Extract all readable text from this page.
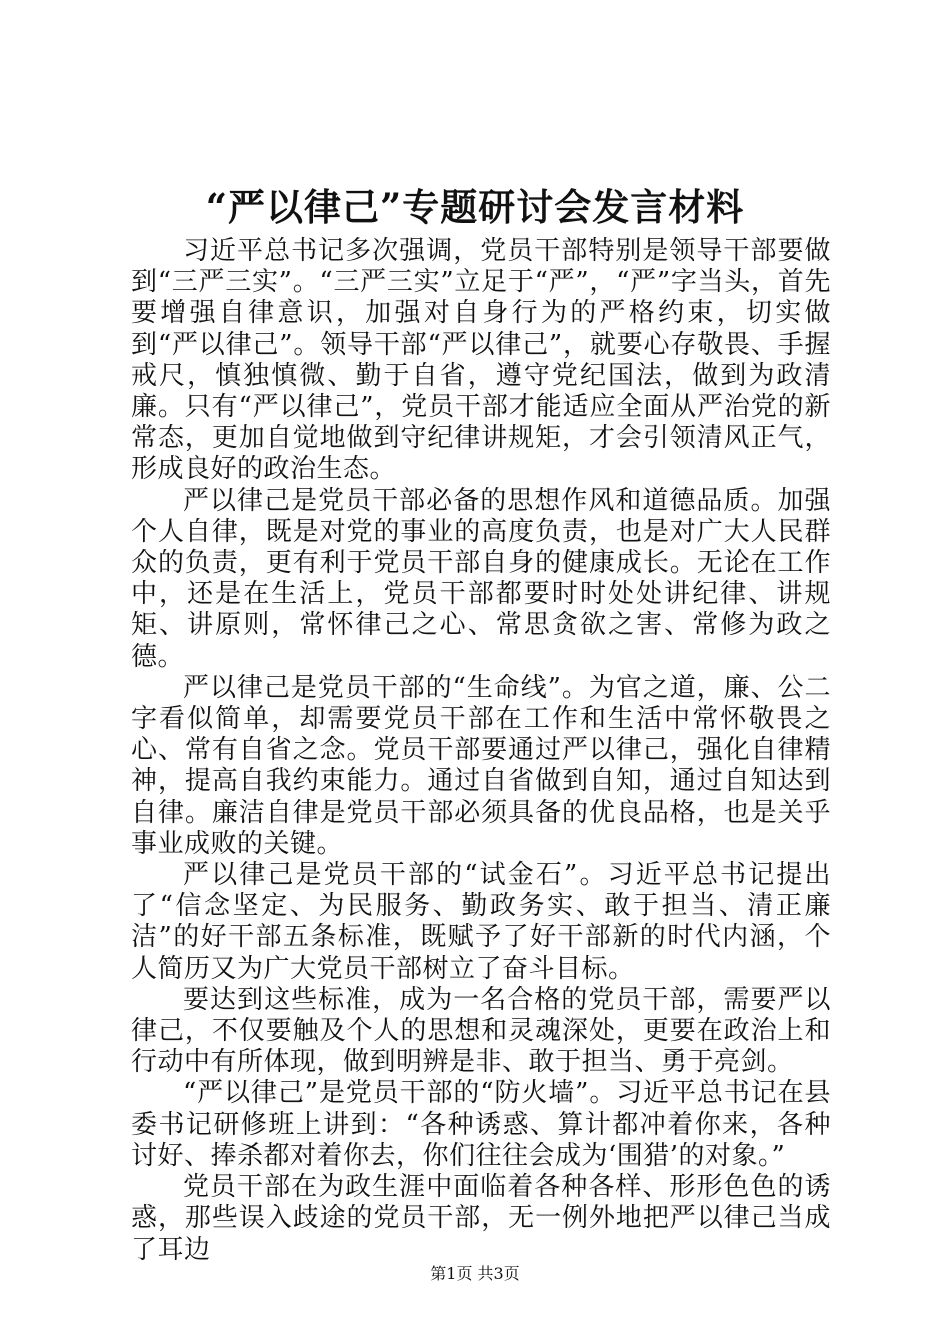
“严以律己”专题研讨会发言材料

习近平总书记多次强调，党员干部特别是领导干部要做到“三严三实”。“三严三实”立足于“严”，“严”字当头，首先要增强自律意识，加强对自身行为的严格约束，切实做到“严以律己”。领导干部“严以律己”，就要心存敬畏、手握戒尺，慎独慎微、勤于自省，遵守党纪国法，做到为政清廉。只有“严以律己”，党员干部才能适应全面从严治党的新常态，更加自觉地做到守纪律讲规矩，才会引领清风正气，形成良好的政治生态。

严以律己是党员干部必备的思想作风和道德品质。加强个人自律，既是对党的事业的高度负责，也是对广大人民群众的负责，更有利于党员干部自身的健康成长。无论在工作中，还是在生活上，党员干部都要时时处处讲纪律、讲规矩、讲原则，常怀律己之心、常思贪欲之害、常修为政之德。

严以律己是党员干部的“生命线”。为官之道，廉、公二字看似简单，却需要党员干部在工作和生活中常怀敬畏之心、常有自省之念。党员干部要通过严以律己，强化自律精神，提高自我约束能力。通过自省做到自知，通过自知达到自律。廉洁自律是党员干部必须具备的优良品格，也是关乎事业成败的关键。

严以律己是党员干部的“试金石”。习近平总书记提出了“信念坚定、为民服务、勤政务实、敢于担当、清正廉洁”的好干部五条标准，既赋予了好干部新的时代内涵，个人简历又为广大党员干部树立了奋斗目标。

要达到这些标准，成为一名合格的党员干部，需要严以律己，不仅要触及个人的思想和灵魂深处，更要在政治上和行动中有所体现，做到明辨是非、敢于担当、勇于亮剑。

“严以律己”是党员干部的“防火墙”。习近平总书记在县委书记研修班上讲到：“各种诱惑、算计都冲着你来，各种讨好、捧杀都对着你去，你们往往会成为‘围猎’的对象。”

党员干部在为政生涯中面临着各种各样、形形色色的诱惑，那些误入歧途的党员干部，无一例外地把严以律己当成了耳边

第1页 共3页
